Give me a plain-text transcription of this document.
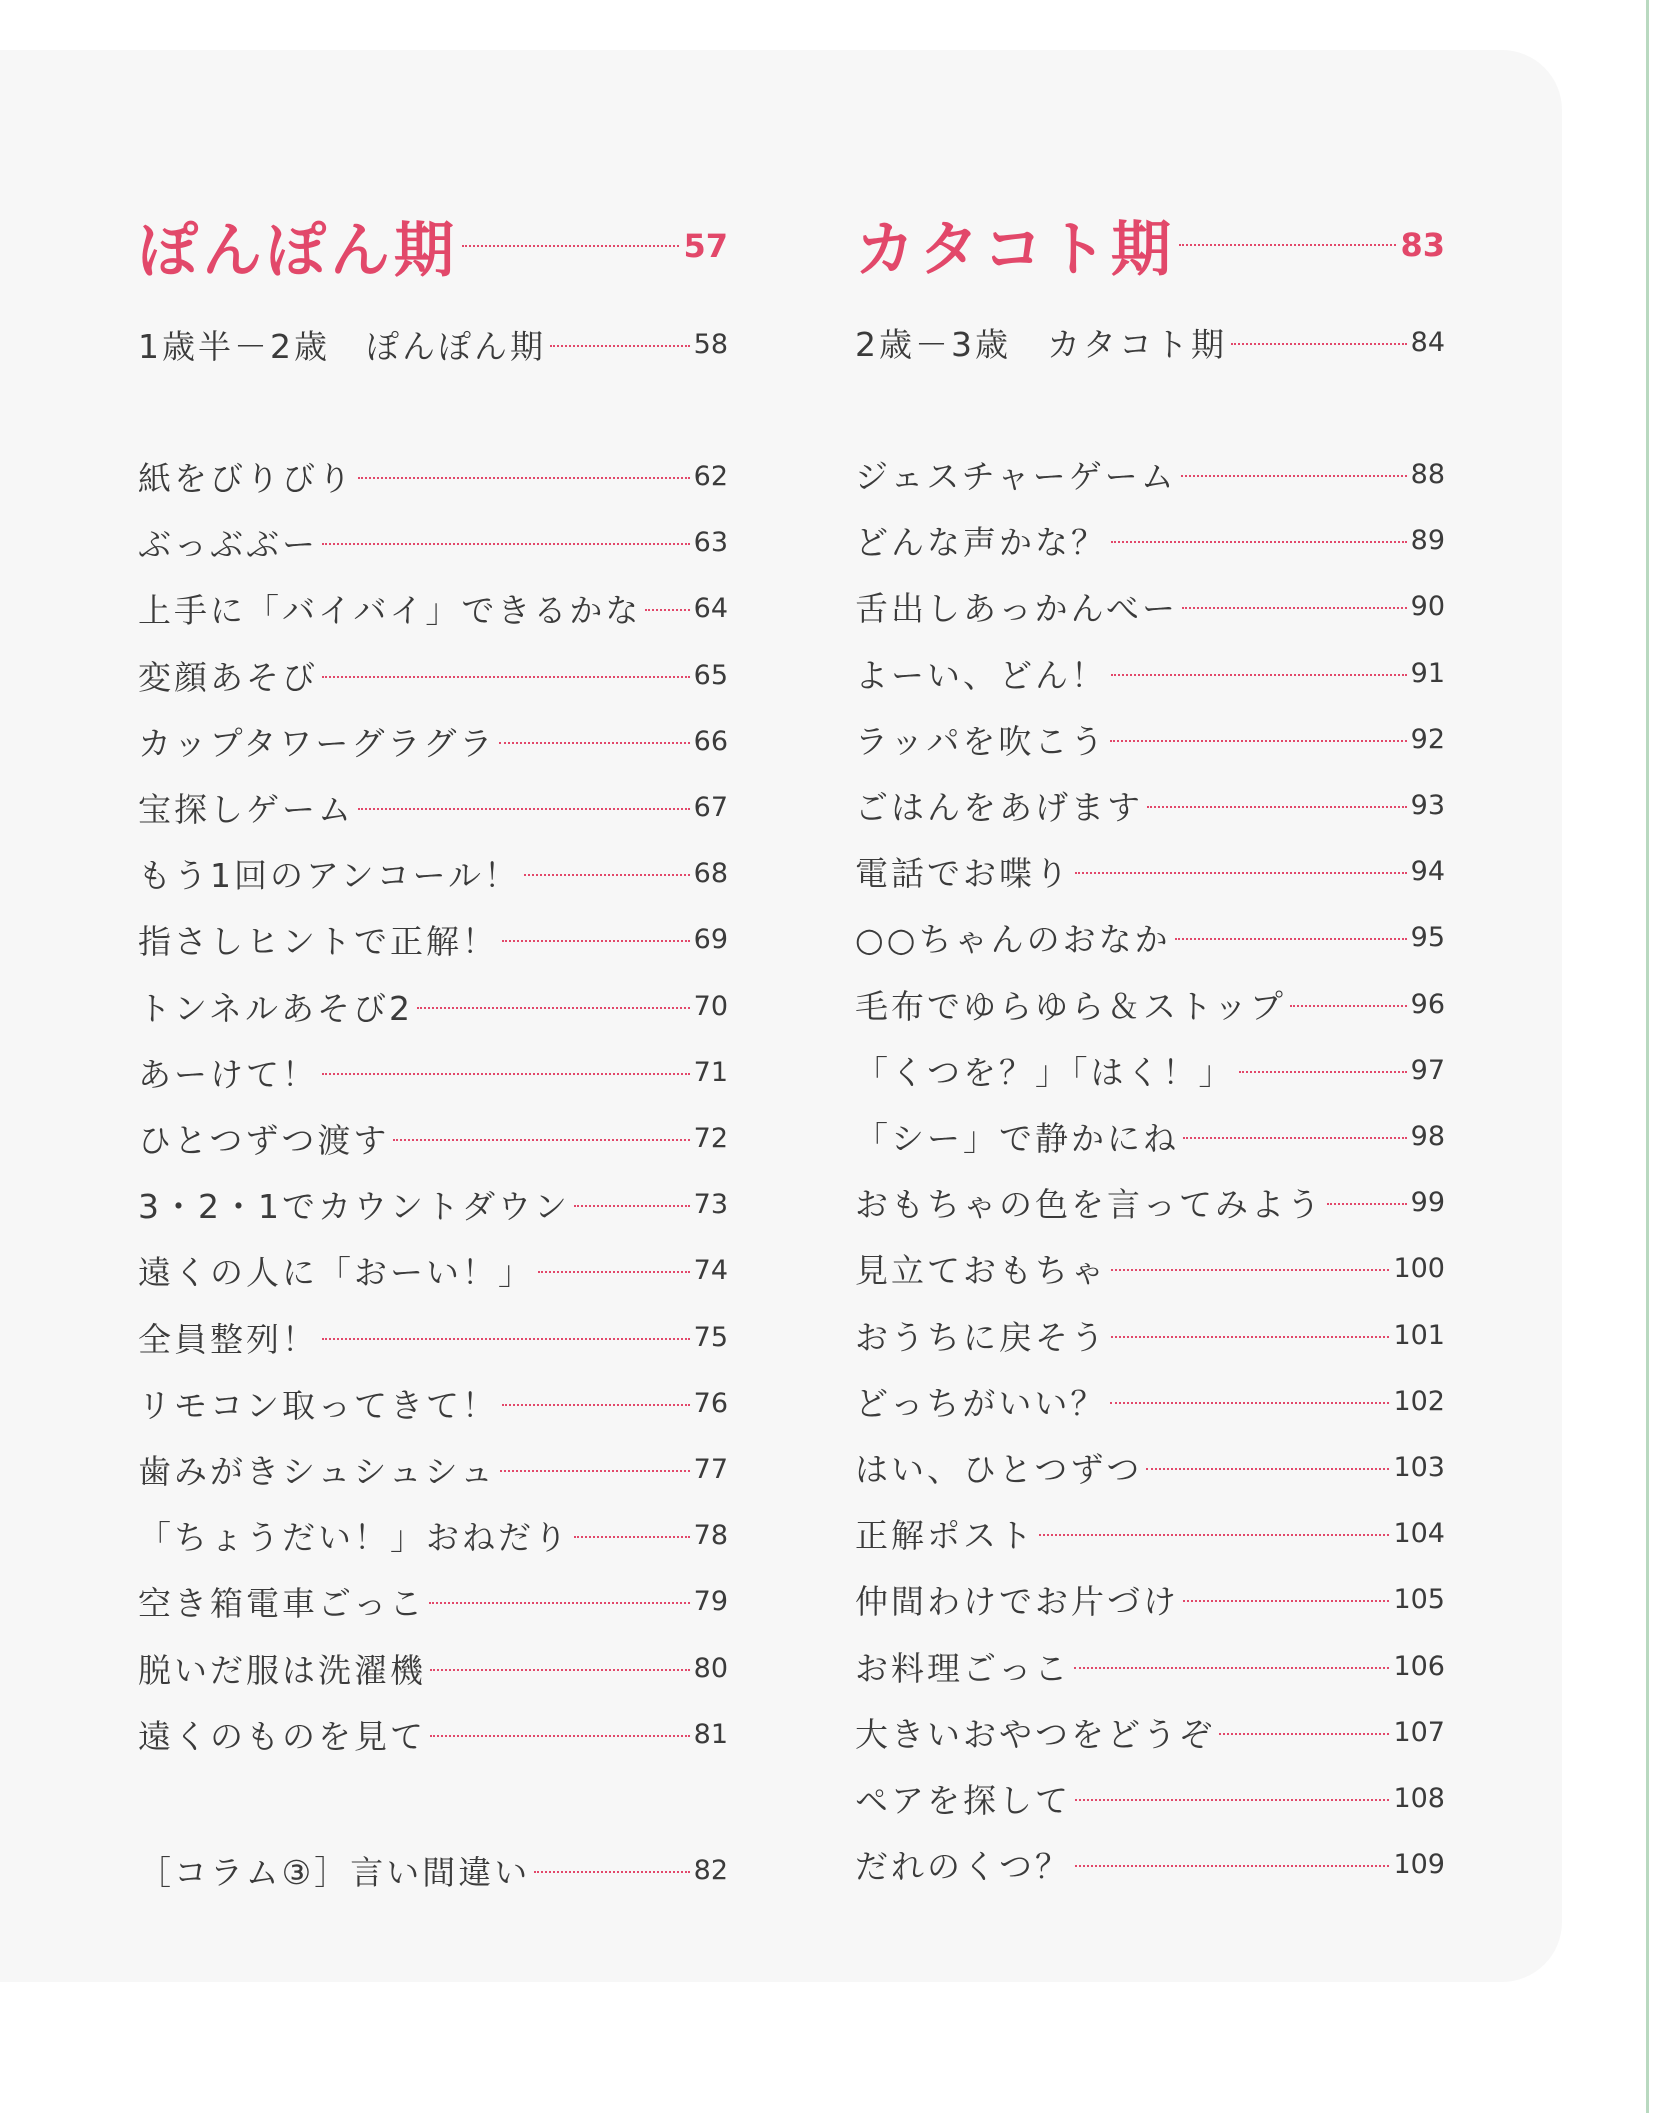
ぽんぽん期	57
1歳半－2歳　ぽんぽん期	58
紙をびりびり	62
ぶっぶぶー	63
上手に「バイバイ」できるかな 64
変顔あそび	65
カップタワーグラグラ	66
宝探しゲーム	67
もう1回のアンコール！	68
指さしヒントで正解！	69
トンネルあそび2	70
あーけて！	71
ひとつずつ渡す	72
3・2・1でカウントダウン	73
遠くの人に「おーい！」	74
全員整列！	75
リモコン取ってきて！	76
歯みがきシュシュシュ	77
「ちょうだい！」おねだり	78
空き箱電車ごっこ	79
脱いだ服は洗濯機	80
遠くのものを見て	81
［コラム③］言い間違い	82
カタコト期	83
2歳－3歳　カタコト期	84
ジェスチャーゲーム	88
どんな声かな？	89
舌出しあっかんべー	90
よーい、どん！	91
ラッパを吹こう	92
ごはんをあげます	93
電話でお喋り	94
○○ちゃんのおなか	95
毛布でゆらゆら＆ストップ	96
「くつを？」「はく！」	97
「シー」で静かにね	98
おもちゃの色を言ってみよう	99
見立ておもちゃ	100
おうちに戻そう	101
どっちがいい？	102
はい、ひとつずつ	103
正解ポスト	104
仲間わけでお片づけ	105
お料理ごっこ	106
大きいおやつをどうぞ	107
ペアを探して	108
だれのくつ？	109
